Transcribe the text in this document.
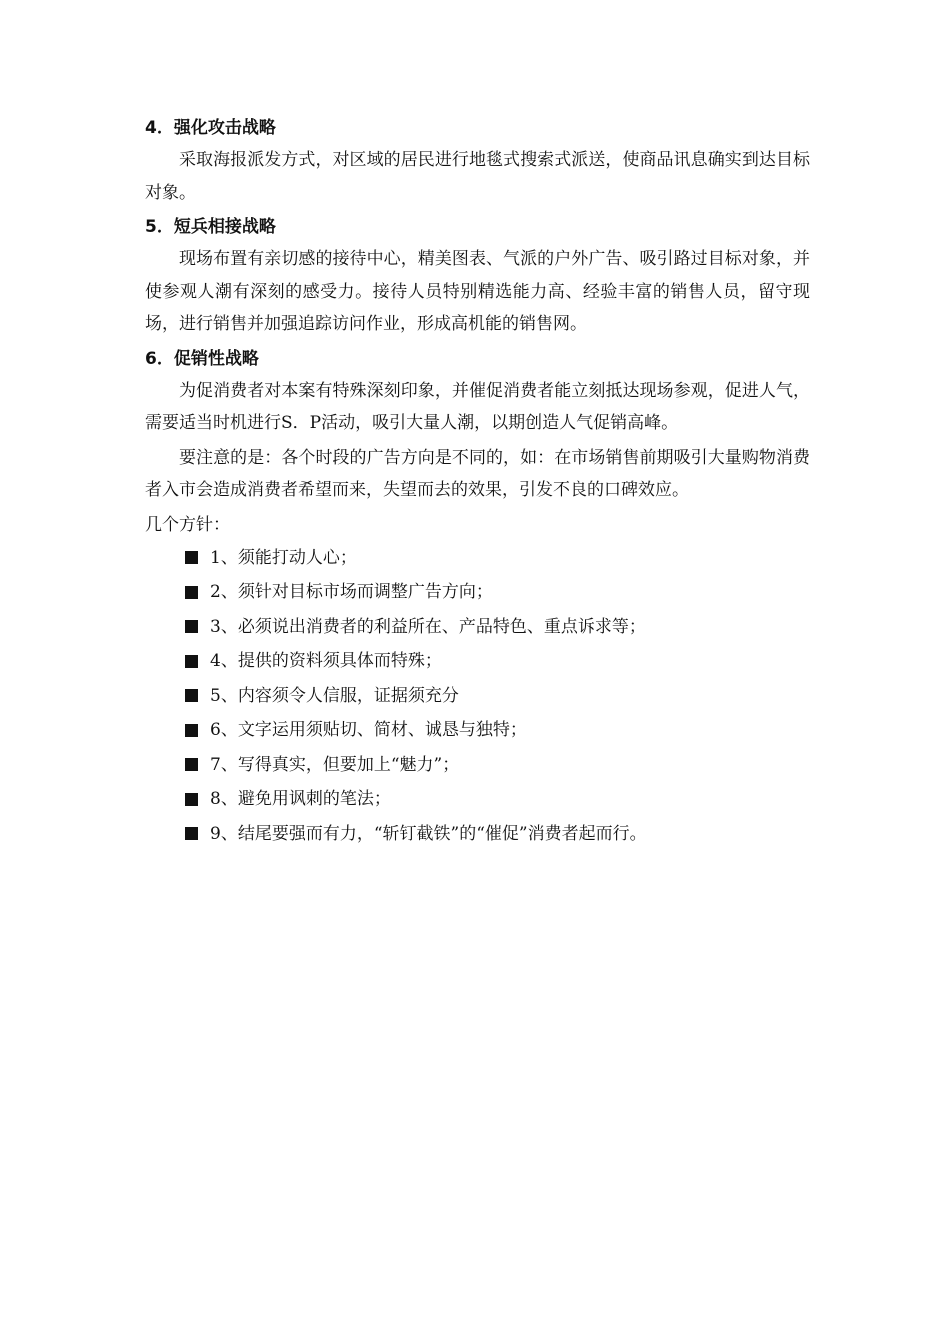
4．强化攻击战略

采取海报派发方式，对区域的居民进行地毯式搜索式派送，使商品讯息确实到达目标对象。

5．短兵相接战略

现场布置有亲切感的接待中心，精美图表、气派的户外广告、吸引路过目标对象，并使参观人潮有深刻的感受力。接待人员特别精选能力高、经验丰富的销售人员，留守现场，进行销售并加强追踪访问作业，形成高机能的销售网。

6．促销性战略

为促消费者对本案有特殊深刻印象，并催促消费者能立刻抵达现场参观，促进人气，需要适当时机进行S．P活动，吸引大量人潮，以期创造人气促销高峰。

要注意的是：各个时段的广告方向是不同的，如：在市场销售前期吸引大量购物消费者入市会造成消费者希望而来，失望而去的效果，引发不良的口碑效应。

几个方针：

1、须能打动人心；
2、须针对目标市场而调整广告方向；
3、必须说出消费者的利益所在、产品特色、重点诉求等；
4、提供的资料须具体而特殊；
5、内容须令人信服，证据须充分
6、文字运用须贴切、简材、诚恳与独特；
7、写得真实，但要加上“魅力”；
8、避免用讽刺的笔法；
9、结尾要强而有力，“斩钉截铁”的“催促”消费者起而行。
